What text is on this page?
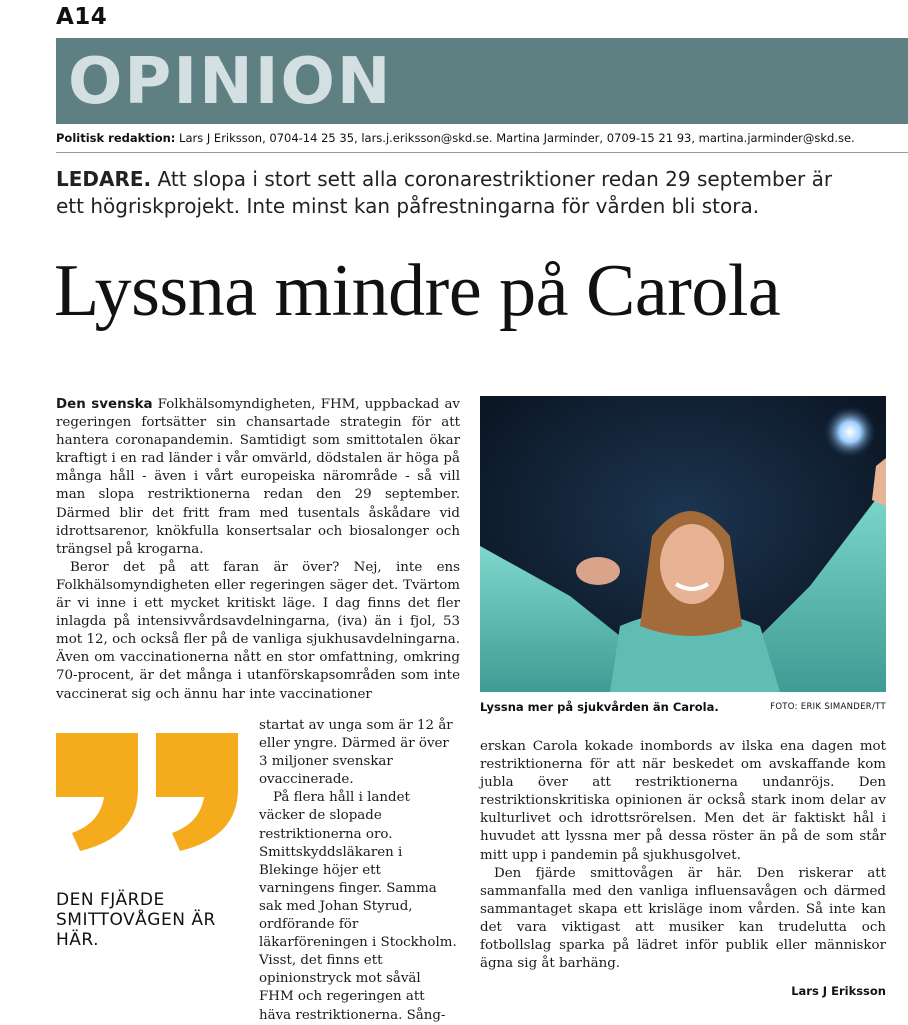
A14
OPINION
Politisk redaktion: Lars J Eriksson, 0704-14 25 35, lars.j.eriksson@skd.se. Martina Jarminder, 0709-15 21 93, martina.jarminder@skd.se.
LEDARE. Att slopa i stort sett alla coronarestriktioner redan 29 september är ett högriskprojekt. Inte minst kan påfrestningarna för vården bli stora.
Lyssna mindre på Carola

Den svenska Folkhälsomyndigheten, FHM, uppbackad av regeringen fortsätter sin chansartade strategin för att hantera coronapandemin. Samtidigt som smittotalen ökar kraftigt i en rad länder i vår omvärld, dödstalen är höga på många håll - även i vårt europeiska närområde - så vill man slopa restriktionerna redan den 29 september. Därmed blir det fritt fram med tusentals åskådare vid idrottsarenor, knökfulla konsertsalar och biosalonger och trängsel på krogarna.

Beror det på att faran är över? Nej, inte ens Folkhälsomyndigheten eller regeringen säger det. Tvärtom är vi inne i ett mycket kritiskt läge. I dag finns det fler inlagda på intensivvårdsavdelningarna, (iva) än i fjol, 53 mot 12, och också fler på de vanliga sjukhusavdelningarna. Även om vaccinationerna nått en stor omfattning, omkring 70-procent, är det många i utanförskapsområden som inte vaccinerat sig och ännu har inte vaccinationer

DEN FJÄRDE SMITTOVÅGEN ÄR HÄR.

startat av unga som är 12 år eller yngre. Därmed är över 3 miljoner svenskar ovaccinerade.

På flera håll i landet väcker de slopade restriktionerna oro. Smittskyddsläkaren i Blekinge höjer ett varningens finger. Samma sak med Johan Styrud, ordförande för läkarföreningen i Stockholm. Visst, det finns ett opinionstryck mot såväl FHM och regeringen att häva restriktionerna. Sång-

Lyssna mer på sjukvården än Carola.	FOTO: ERIK SIMANDER/TT

erskan Carola kokade inombords av ilska ena dagen mot restriktionerna för att när beskedet om avskaffande kom jubla över att restriktionerna undanröjs. Den restriktionskritiska opinionen är också stark inom delar av kulturlivet och idrottsrörelsen. Men det är faktiskt hål i huvudet att lyssna mer på dessa röster än på de som står mitt upp i pandemin på sjukhusgolvet.

Den fjärde smittovågen är här. Den riskerar att sammanfalla med den vanliga influensavågen och därmed sammantaget skapa ett krisläge inom vården. Så inte kan det vara viktigast att musiker kan trudelutta och fotbollslag sparka på lädret inför publik eller människor ägna sig åt barhäng.

Lars J Eriksson
